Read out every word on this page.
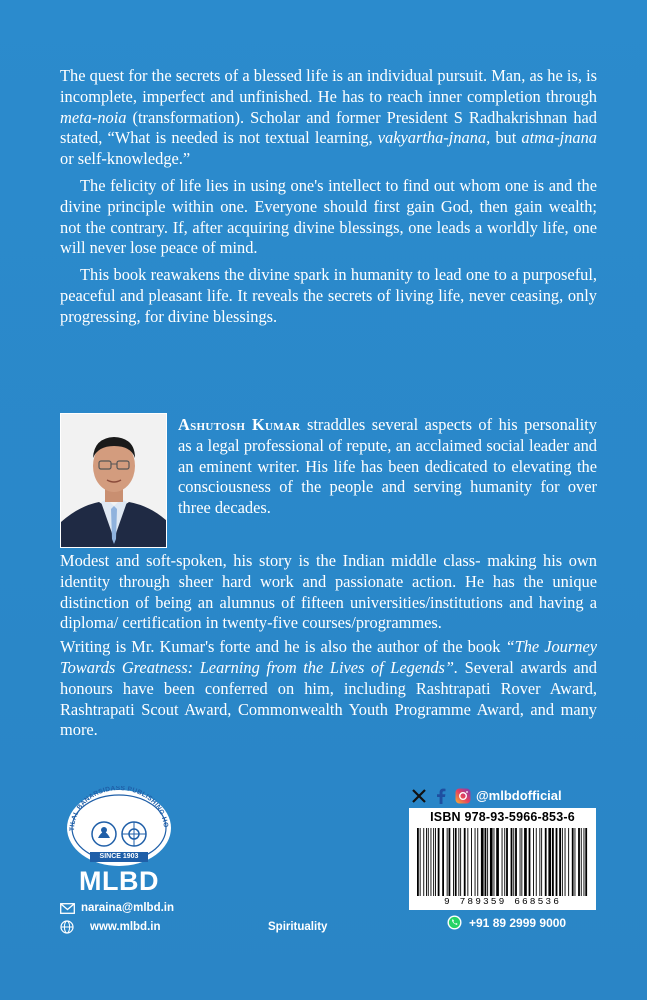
The quest for the secrets of a blessed life is an individual pursuit. Man, as he is, is incomplete, imperfect and unfinished. He has to reach inner completion through meta-noia (transformation). Scholar and former President S Radhakrishnan had stated, “What is needed is not textual learning, vakyartha-jnana, but atma-jnana or self-knowledge.”

The felicity of life lies in using one's intellect to find out whom one is and the divine principle within one. Everyone should first gain God, then gain wealth; not the contrary. If, after acquiring divine blessings, one leads a worldly life, one will never lose peace of mind.

This book reawakens the divine spark in humanity to lead one to a purposeful, peaceful and pleasant life. It reveals the secrets of living life, never ceasing, only progressing, for divine blessings.

Ashutosh Kumar straddles several aspects of his personality as a legal professional of repute, an acclaimed social leader and an eminent writer. His life has been dedicated to elevating the consciousness of the people and serving humanity for over three decades.

Modest and soft-spoken, his story is the Indian middle class- making his own identity through sheer hard work and passionate action. He has the unique distinction of being an alumnus of fifteen universities/institutions and having a diploma/ certification in twenty-five courses/programmes.

Writing is Mr. Kumar's forte and he is also the author of the book “The Journey Towards Greatness: Learning from the Lives of Legends”. Several awards and honours have been conferred on him, including Rashtrapati Rover Award, Rashtrapati Scout Award, Commonwealth Youth Programme Award, and many more.

TILAL BANARSIDASS PUBLISHING HO
SINCE 1903
MLBD
naraina@mlbd.in
www.mlbd.in	Spirituality
@mlbdofficial
ISBN 978-93-5966-853-6
9 789359 668536
+91 89 2999 9000
